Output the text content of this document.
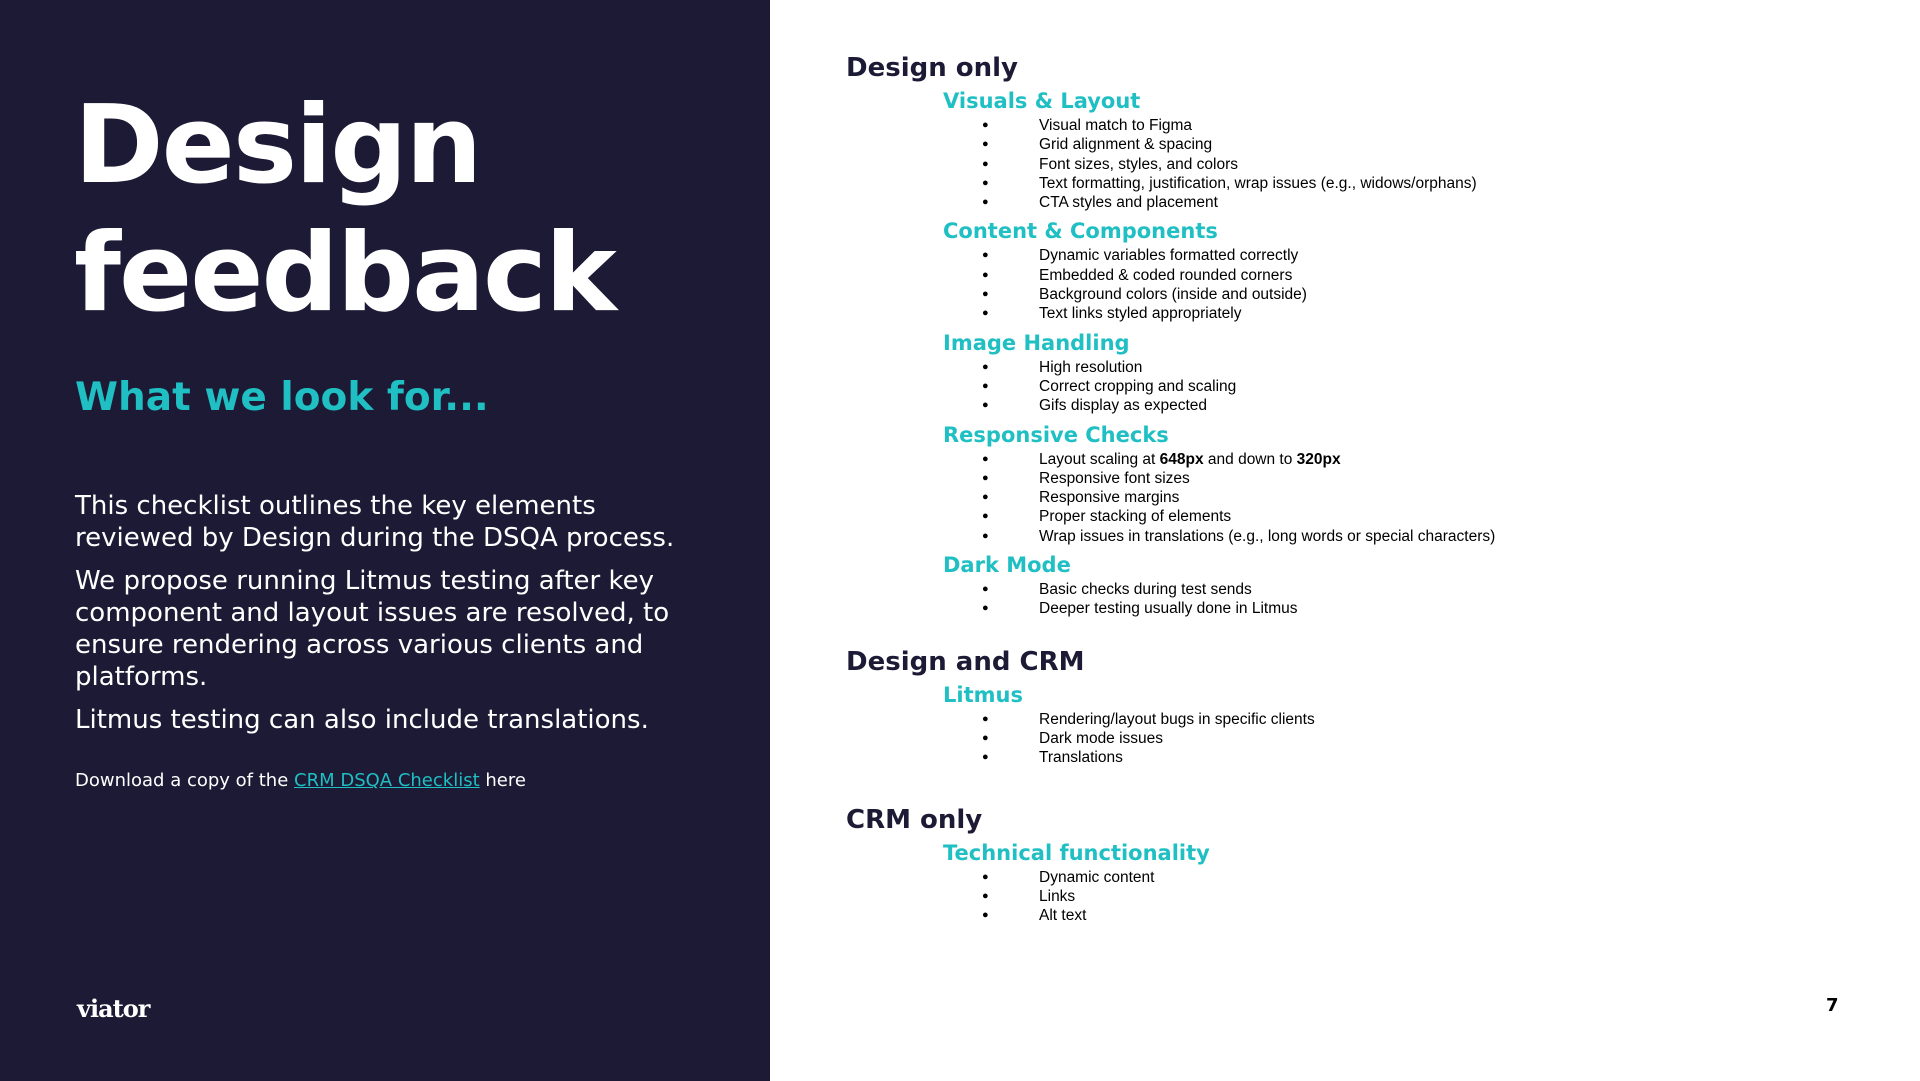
Design
feedback
What we look for...

This checklist outlines the key elements reviewed by Design during the DSQA process.

We propose running Litmus testing after key component and layout issues are resolved, to ensure rendering across various clients and platforms.

Litmus testing can also include translations.

Download a copy of the CRM DSQA Checklist here
viator
Design only
Visuals & Layout
● Visual match to Figma
● Grid alignment & spacing
● Font sizes, styles, and colors
● Text formatting, justification, wrap issues (e.g., widows/orphans)
● CTA styles and placement
Content & Components
● Dynamic variables formatted correctly
● Embedded & coded rounded corners
● Background colors (inside and outside)
● Text links styled appropriately
Image Handling
● High resolution
● Correct cropping and scaling
● Gifs display as expected
Responsive Checks
● Layout scaling at 648px and down to 320px
● Responsive font sizes
● Responsive margins
● Proper stacking of elements
● Wrap issues in translations (e.g., long words or special characters)
Dark Mode
● Basic checks during test sends
● Deeper testing usually done in Litmus
Design and CRM
Litmus
● Rendering/layout bugs in specific clients
● Dark mode issues
● Translations
CRM only
Technical functionality
● Dynamic content
● Links
● Alt text
7
